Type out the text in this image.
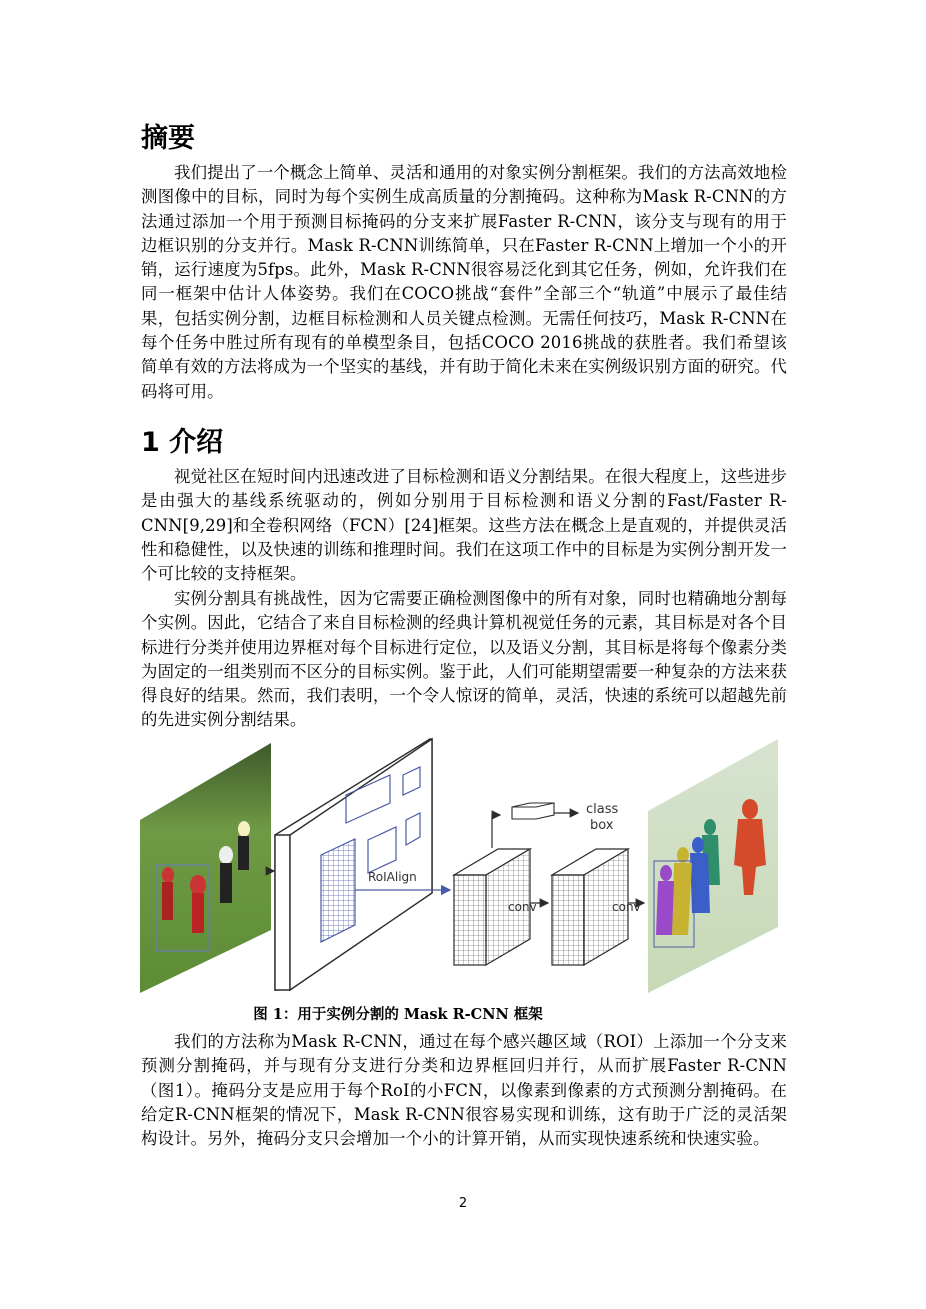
摘要

我们提出了一个概念上简单、灵活和通用的对象实例分割框架。我们的方法高效地检测图像中的目标，同时为每个实例生成高质量的分割掩码。这种称为Mask R-CNN的方法通过添加一个用于预测目标掩码的分支来扩展Faster R-CNN，该分支与现有的用于边框识别的分支并行。Mask R-CNN训练简单，只在Faster R-CNN上增加一个小的开销，运行速度为5fps。此外，Mask R-CNN很容易泛化到其它任务，例如，允许我们在同一框架中估计人体姿势。我们在COCO挑战“套件”全部三个“轨道”中展示了最佳结果，包括实例分割，边框目标检测和人员关键点检测。无需任何技巧，Mask R-CNN在每个任务中胜过所有现有的单模型条目，包括COCO 2016挑战的获胜者。我们希望该简单有效的方法将成为一个坚实的基线，并有助于简化未来在实例级识别方面的研究。代码将可用。

1 介绍

视觉社区在短时间内迅速改进了目标检测和语义分割结果。在很大程度上，这些进步是由强大的基线系统驱动的，例如分别用于目标检测和语义分割的Fast/Faster R-CNN[9,29]和全卷积网络（FCN）[24]框架。这些方法在概念上是直观的，并提供灵活性和稳健性，以及快速的训练和推理时间。我们在这项工作中的目标是为实例分割开发一个可比较的支持框架。

实例分割具有挑战性，因为它需要正确检测图像中的所有对象，同时也精确地分割每个实例。因此，它结合了来自目标检测的经典计算机视觉任务的元素，其目标是对各个目标进行分类并使用边界框对每个目标进行定位，以及语义分割，其目标是将每个像素分类为固定的一组类别而不区分的目标实例。鉴于此，人们可能期望需要一种复杂的方法来获得良好的结果。然而，我们表明，一个令人惊讶的简单，灵活，快速的系统可以超越先前的先进实例分割结果。

RoIAlign
conv
class
box
conv

图 1：用于实例分割的 Mask R-CNN 框架

我们的方法称为Mask R-CNN，通过在每个感兴趣区域（ROI）上添加一个分支来预测分割掩码，并与现有分支进行分类和边界框回归并行，从而扩展Faster R-CNN（图1）。掩码分支是应用于每个RoI的小FCN，以像素到像素的方式预测分割掩码。在给定R-CNN框架的情况下，Mask R-CNN很容易实现和训练，这有助于广泛的灵活架构设计。另外，掩码分支只会增加一个小的计算开销，从而实现快速系统和快速实验。

2
